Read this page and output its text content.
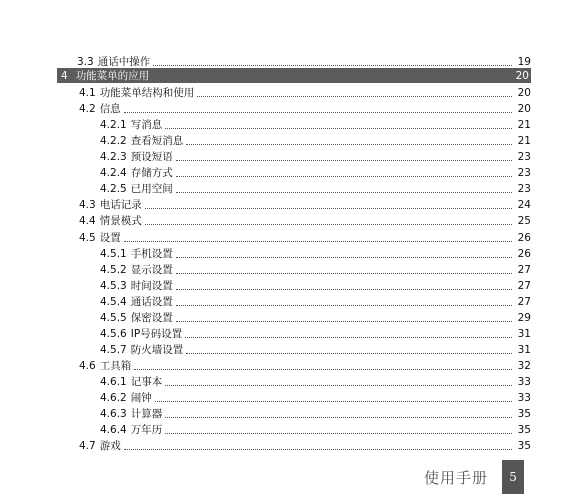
3.3 通话中操作	19
4 功能菜单的应用	20
4.1 功能菜单结构和使用	20
4.2 信息	20
4.2.1 写消息	21
4.2.2 查看短消息	21
4.2.3 预设短语	23
4.2.4 存储方式	23
4.2.5 已用空间	23
4.3 电话记录	24
4.4 情景模式	25
4.5 设置	26
4.5.1 手机设置	26
4.5.2 显示设置	27
4.5.3 时间设置	27
4.5.4 通话设置	27
4.5.5 保密设置	29
4.5.6 IP号码设置	31
4.5.7 防火墙设置	31
4.6 工具箱	32
4.6.1 记事本	33
4.6.2 闹钟	33
4.6.3 计算器	35
4.6.4 万年历	35
4.7 游戏	35
使用手册	5
